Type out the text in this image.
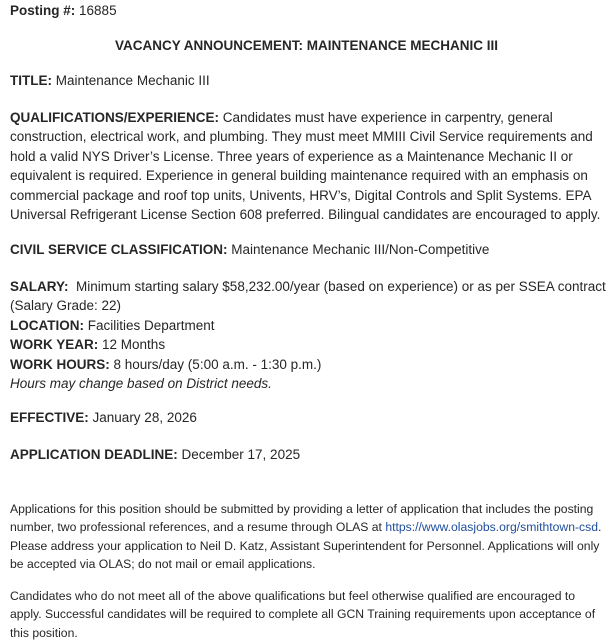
Posting #: 16885
VACANCY ANNOUNCEMENT: MAINTENANCE MECHANIC III
TITLE: Maintenance Mechanic III
QUALIFICATIONS/EXPERIENCE: Candidates must have experience in carpentry, general
construction, electrical work, and plumbing. They must meet MMIII Civil Service requirements and
hold a valid NYS Driver’s License. Three years of experience as a Maintenance Mechanic II or
equivalent is required. Experience in general building maintenance required with an emphasis on
commercial package and roof top units, Univents, HRV’s, Digital Controls and Split Systems. EPA
Universal Refrigerant License Section 608 preferred. Bilingual candidates are encouraged to apply.
CIVIL SERVICE CLASSIFICATION: Maintenance Mechanic III/Non-Competitive
SALARY: Minimum starting salary $58,232.00/year (based on experience) or as per SSEA contract
(Salary Grade: 22)
LOCATION: Facilities Department
WORK YEAR: 12 Months
WORK HOURS: 8 hours/day (5:00 a.m. - 1:30 p.m.)
Hours may change based on District needs.
EFFECTIVE: January 28, 2026
APPLICATION DEADLINE: December 17, 2025
Applications for this position should be submitted by providing a letter of application that includes the posting
number, two professional references, and a resume through OLAS at https://www.olasjobs.org/smithtown-csd.
Please address your application to Neil D. Katz, Assistant Superintendent for Personnel. Applications will only
be accepted via OLAS; do not mail or email applications.
Candidates who do not meet all of the above qualifications but feel otherwise qualified are encouraged to
apply. Successful candidates will be required to complete all GCN Training requirements upon acceptance of
this position.
